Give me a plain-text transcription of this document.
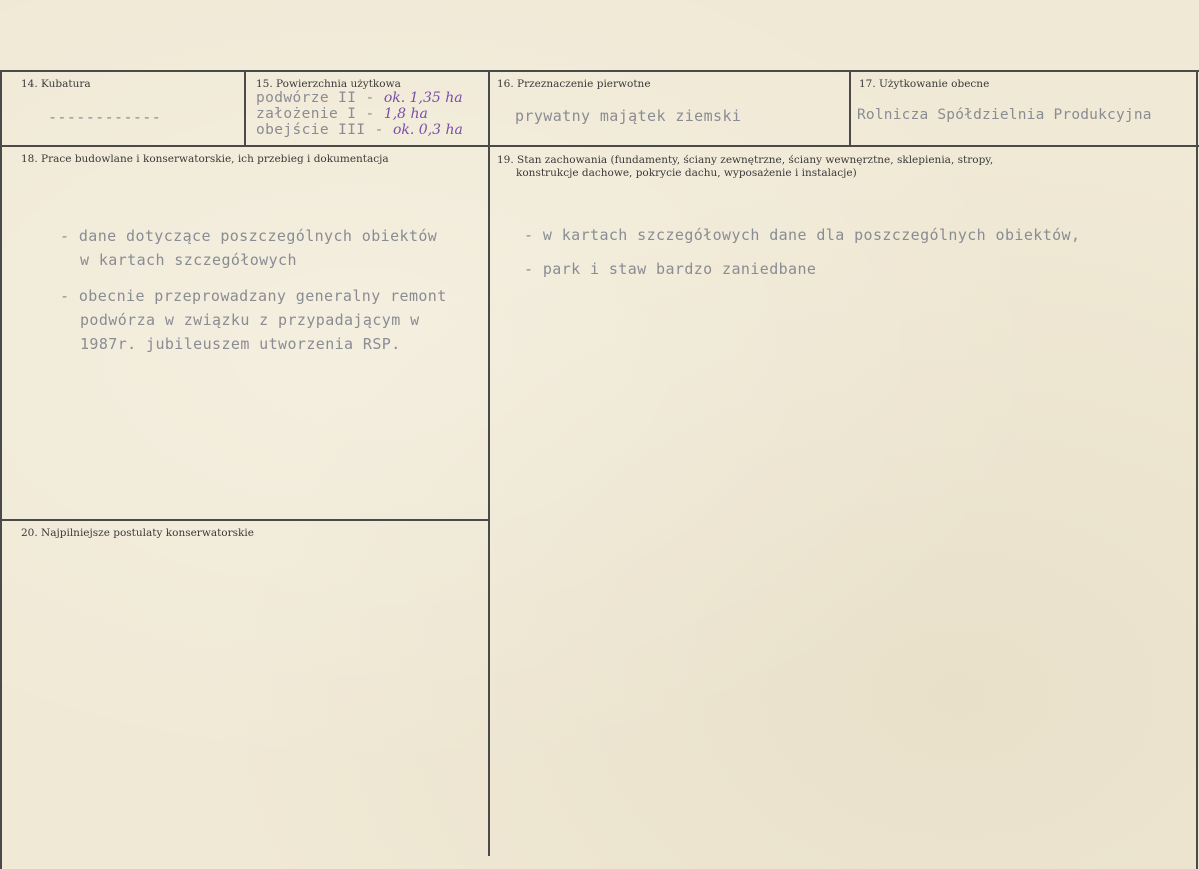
14. Kubatura
------------
15. Powierzchnia użytkowa
podwórze II - ok. 1,35 ha
założenie I - 1,8 ha
obejście III - ok. 0,3 ha
16. Przeznaczenie pierwotne
prywatny majątek ziemski
17. Użytkowanie obecne
Rolnicza Spółdzielnia Produkcyjna
18. Prace budowlane i konserwatorskie, ich przebieg i dokumentacja
- dane dotyczące poszczególnych obiektów
w kartach szczegółowych
- obecnie przeprowadzany generalny remont
podwórza w związku z przypadającym w
1987r. jubileuszem utworzenia RSP.
19. Stan zachowania (fundamenty, ściany zewnętrzne, ściany wewnęrztne, sklepienia, stropy,
konstrukcje dachowe, pokrycie dachu, wyposażenie i instalacje)
- w kartach szczegółowych dane dla poszczególnych obiektów,
- park i staw bardzo zaniedbane
20. Najpilniejsze postulaty konserwatorskie
